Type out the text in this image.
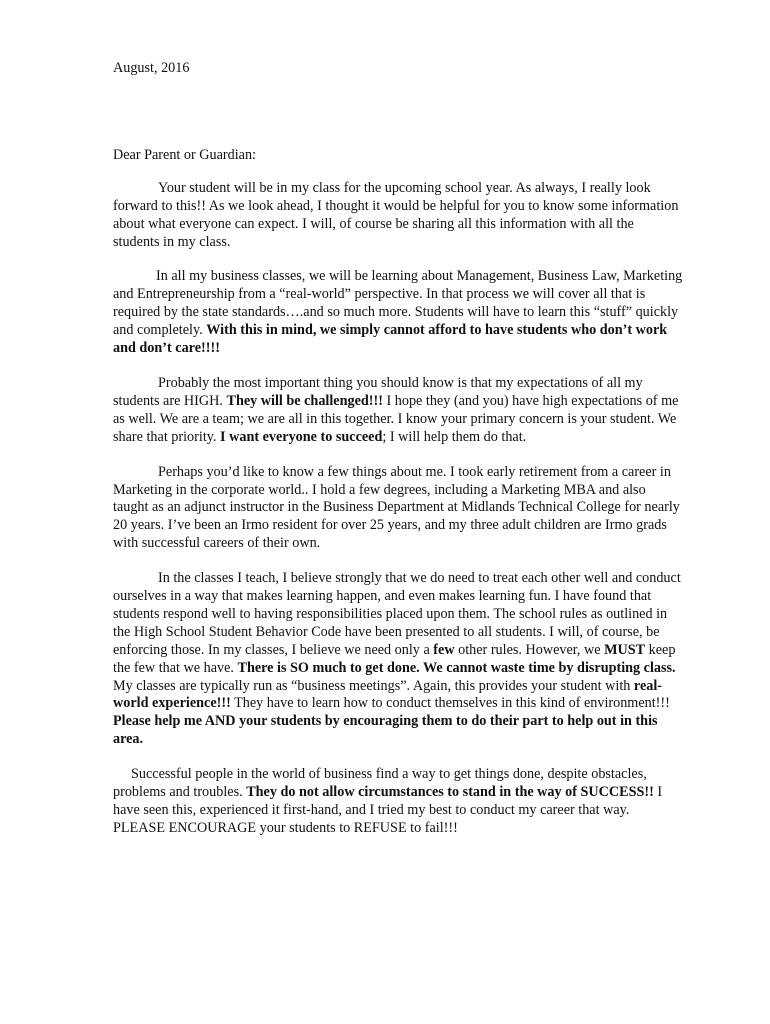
August, 2016

Dear Parent or Guardian:

Your student will be in my class for the upcoming school year. As always, I really look forward to this!! As we look ahead, I thought it would be helpful for you to know some information about what everyone can expect. I will, of course be sharing all this information with all the students in my class.

In all my business classes, we will be learning about Management, Business Law, Marketing and Entrepreneurship from a “real-world” perspective. In that process we will cover all that is required by the state standards….and so much more. Students will have to learn this “stuff” quickly and completely. With this in mind, we simply cannot afford to have students who don’t work and don’t care!!!!

Probably the most important thing you should know is that my expectations of all my students are HIGH. They will be challenged!!! I hope they (and you) have high expectations of me as well. We are a team; we are all in this together. I know your primary concern is your student. We share that priority. I want everyone to succeed; I will help them do that.

Perhaps you’d like to know a few things about me. I took early retirement from a career in Marketing in the corporate world.. I hold a few degrees, including a Marketing MBA and also taught as an adjunct instructor in the Business Department at Midlands Technical College for nearly 20 years. I’ve been an Irmo resident for over 25 years, and my three adult children are Irmo grads with successful careers of their own.

In the classes I teach, I believe strongly that we do need to treat each other well and conduct ourselves in a way that makes learning happen, and even makes learning fun. I have found that students respond well to having responsibilities placed upon them. The school rules as outlined in the High School Student Behavior Code have been presented to all students. I will, of course, be enforcing those. In my classes, I believe we need only a few other rules. However, we MUST keep the few that we have. There is SO much to get done. We cannot waste time by disrupting class. My classes are typically run as “business meetings”. Again, this provides your student with real-world experience!!! They have to learn how to conduct themselves in this kind of environment!!! Please help me AND your students by encouraging them to do their part to help out in this area.

Successful people in the world of business find a way to get things done, despite obstacles, problems and troubles. They do not allow circumstances to stand in the way of SUCCESS!! I have seen this, experienced it first-hand, and I tried my best to conduct my career that way. PLEASE ENCOURAGE your students to REFUSE to fail!!!
